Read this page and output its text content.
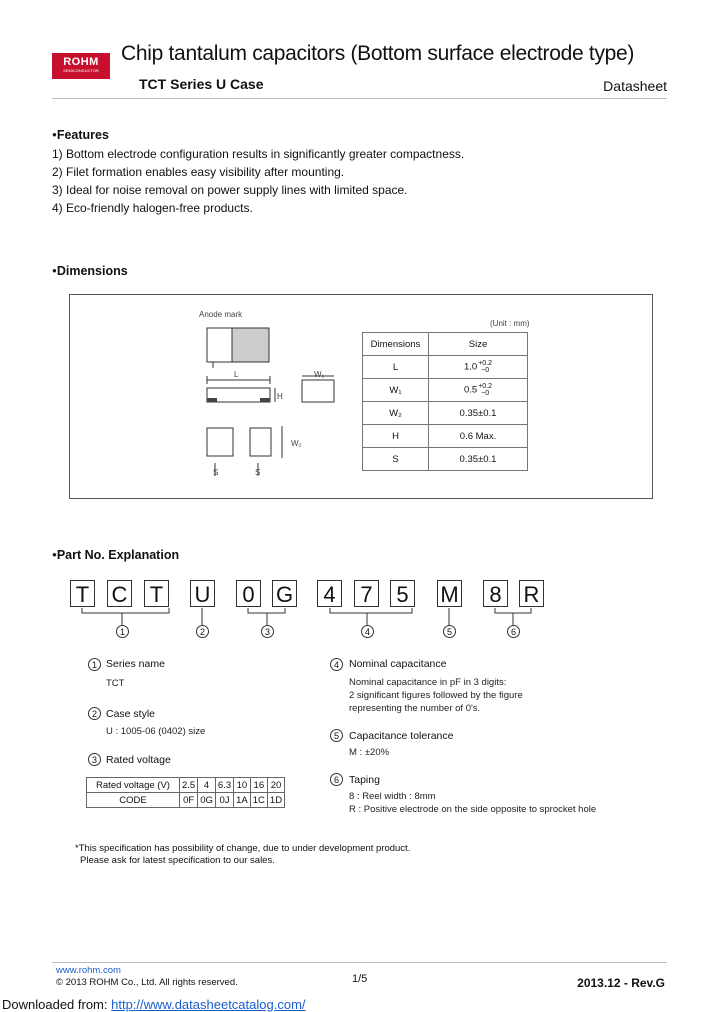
ROHM
SEMICONDUCTOR
Chip tantalum capacitors (Bottom surface electrode type)
TCT Series U Case	Datasheet
● Features
1) Bottom electrode configuration results in significantly greater compactness.
2) Filet formation enables easy visibility after mounting.
3) Ideal for noise removal on power supply lines with limited space.
4) Eco-friendly halogen-free products.
● Dimensions
Anode mark
L
H
W₁
W₂
S	S
(Unit : mm)
Dimensions	Size
L	1.0+0.2
−0
W₁	0.5+0.2
−0
W₂	0.35±0.1
H	0.6 Max.
S	0.35±0.1
● Part No. Explanation
T C T U 0 G 4 7 5 M 8 R
1	2	3	4	5	6
1 Series name
TCT
2 Case style
U : 1005-06 (0402) size
3 Rated voltage
Rated voltage (V)	2.5	4	6.3	10	16	20
CODE	0F	0G	0J	1A	1C	1D
4 Nominal capacitance
Nominal capacitance in pF in 3 digits:
2 significant figures followed by the figure
representing the number of 0's.
5 Capacitance tolerance
M : ±20%
6 Taping
8 : Reel width : 8mm
R : Positive electrode on the side opposite to sprocket hole
*This specification has possibility of change, due to under development product.
Please ask for latest specification to our sales.
www.rohm.com
© 2013 ROHM Co., Ltd. All rights reserved.	1/5	2013.12 - Rev.G
Downloaded from: http://www.datasheetcatalog.com/
